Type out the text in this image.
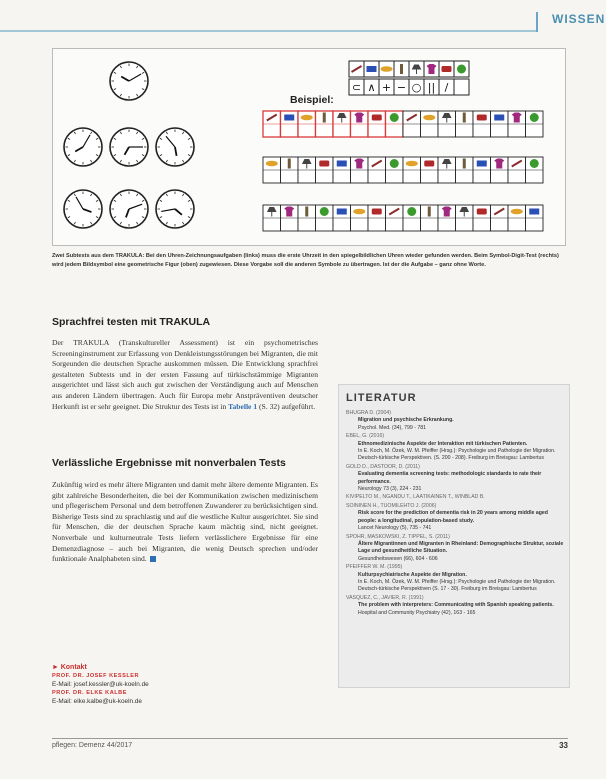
WISSEN
⊂ ∧ + − ○ || /
Beispiel:
Zwei Subtests aus dem TRAKULA: Bei den Uhren-Zeichnungsaufgaben (links) muss die erste Uhrzeit in den spiegelbildlichen Uhren wieder gefunden werden. Beim Symbol-Digit-Test (rechts) wird jedem Bildsymbol eine geometrische Figur (oben) zugewiesen. Diese Vorgabe soll die anderen Symbole zu übertragen. Ist der die Aufgabe – ganz ohne Worte.
Sprachfrei testen mit TRAKULA
Der TRAKULA (Transkultureller Assessment) ist ein psychometrisches Screeninginstrument zur Erfassung von Denkleistungsstörungen bei Migranten, die mit Sorgeunden die deutschen Sprache auskommen müssen. Die Entwicklung sprachfrei gestalteten Subtests und in der ersten Fassung auf türkischstämmige Migranten ausgerichtet und lässt sich auch gut zwischen der Verständigung auch auf Menschen aus anderen Ländern übertragen. Auch für Europa mehr Anstpräventiven deutscher Herkunft ist er sehr geeignet. Die Struktur des Tests ist in Tabelle 1 (S. 32) aufgeführt.
Verlässliche Ergebnisse mit nonverbalen Tests
Zukünftig wird es mehr ältere Migranten und damit mehr ältere demente Migranten. Es gibt zahlreiche Besonderheiten, die bei der Kommunikation zwischen medizinischem und pflegerischem Personal und dem betroffenen Zuwanderer zu berücksichtigen sind. Bisherige Tests sind zu sprachlastig und auf die westliche Kultur ausgerichtet. Sie sind für Menschen, die der deutschen Sprache kaum mächtig sind, nicht geeignet. Nonverbale und kulturneutrale Tests liefern verlässlichere Ergebnisse für eine Demenzdiagnose – auch bei Migranten, die wenig Deutsch sprechen und/oder funktionale Analphabeten sind.
LITERATUR
BHUGRA D. (2004)
Migration und psychische Erkrankung.
Psychol. Med. (34), 799 - 781
EBEL, G. (2016)
Ethnomedizinische Aspekte der Interaktion mit türkischen Patienten.
In E. Koch, M. Özek, W. M. Pfeiffer (Hrsg.): Psychologie und Pathologie der Migration. Deutsch-türkische Perspektiven. (S. 200 - 208). Freiburg im Breisgau: Lambertus
GOLD D., DASTOOR, D. (2011)
Evaluating dementia screening tests: methodologic standards to rate their performance.
Neurology 73 (3), 224 - 231
KIVIPELTO M., NGANDU T., LAATIKAINEN T., WINBLAD B.
SOININEN H., TUOMILEHTO J. (2006)
Risk score for the prediction of dementia risk in 20 years among middle aged people: a longitudinal, population-based study.
Lancet Neurology (5), 735 - 741
SPOHR, MASKOWSKI, Z. TIPPEL, S. (2011)
Ältere Migrantinnen und Migranten in Rheinland: Demographische Struktur, soziale Lage und gesundheitliche Situation.
Gesundheitswesen (66), 604 - 606
PFEIFFER W. M. (1995)
Kulturpsychiatrische Aspekte der Migration.
In E. Koch, M. Özek, W. M. Pfeiffer (Hrsg.): Psychologie und Pathologie der Migration. Deutsch-türkische Perspektiven (S. 17 - 30). Freiburg im Breisgau: Lambertus
VASQUEZ, C., JAVIER, R. (1991)
The problem with interpreters: Communicating with Spanish speaking patients.
Hospital and Community Psychiatry (42), 163 - 165
► Kontakt
PROF. DR. JOSEF KESSLER
E-Mail: josef.kessler@uk-koeln.de
PROF. DR. ELKE KALBE
E-Mail: elke.kalbe@uk-koeln.de
pflegen: Demenz 44/2017	33
